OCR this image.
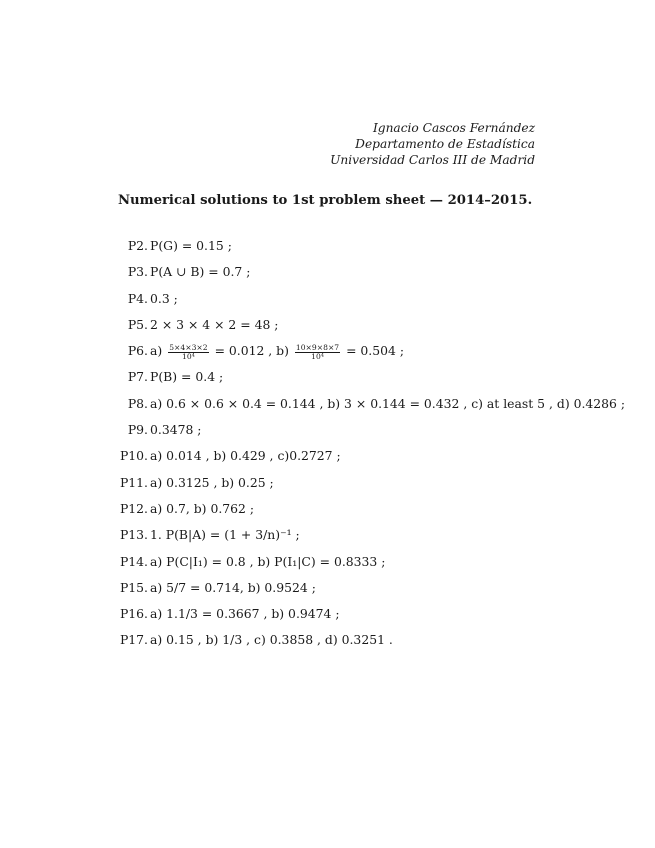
Ignacio Cascos Fernández
Departamento de Estadística
Universidad Carlos III de Madrid
Numerical solutions to 1st problem sheet — 2014–2015.
P2. P(G) = 0.15 ;
P3. P(A ∪ B) = 0.7 ;
P4. 0.3 ;
P5. 2 × 3 × 4 × 2 = 48 ;
P6. $a) \frac{5\times 4\times 3\times 2}{\text{10⁴}} = 0.012$ , $b) \frac{10\times 9\times 8\times 7}{\text{10⁴}} = 0.504$ ;
P7. P(B) = 0.4 ;
P8. a) 0.6 × 0.6 × 0.4 = 0.144 , b) 3 × 0.144 = 0.432 , c) at least 5 , d) 0.4286 ;
P9. 0.3478 ;
P10. a) 0.014 , b) 0.429 , c)0.2727 ;
P11. a) 0.3125 , b) 0.25 ;
P12. a) 0.7, b) 0.762 ;
P13. 1. P(B|A) = (1 + 3/n)⁻¹ ;
P14. a) P(C|I₁) = 0.8 , b) P(I₁|C) = 0.8333 ;
P15. a) 5/7 = 0.714, b) 0.9524 ;
P16. a) 1.1/3 = 0.3667 , b) 0.9474 ;
P17. a) 0.15 , b) 1/3 , c) 0.3858 , d) 0.3251 .
